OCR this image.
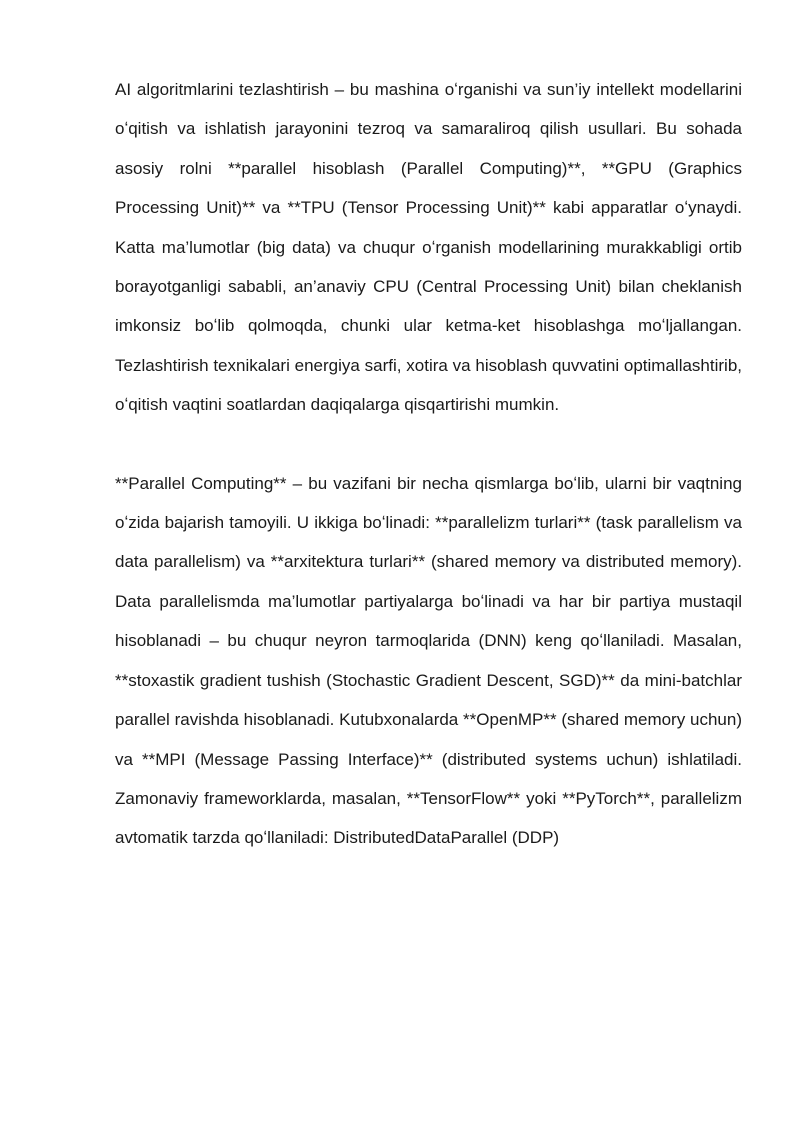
AI algoritmlarini tezlashtirish – bu mashina oʻrganishi va sun’iy intellekt modellarini oʻqitish va ishlatish jarayonini tezroq va samaraliroq qilish usullari. Bu sohada asosiy rolni **parallel hisoblash (Parallel Computing)**, **GPU (Graphics Processing Unit)** va **TPU (Tensor Processing Unit)** kabi apparatlar oʻynaydi. Katta ma’lumotlar (big data) va chuqur oʻrganish modellarining murakkabligi ortib borayotganligi sababli, an’anaviy CPU (Central Processing Unit) bilan cheklanish imkonsiz boʻlib qolmoqda, chunki ular ketma-ket hisoblashga moʻljallangan. Tezlashtirish texnikalari energiya sarfi, xotira va hisoblash quvvatini optimallashtirib, oʻqitish vaqtini soatlardan daqiqalarga qisqartirishi mumkin.

**Parallel Computing** – bu vazifani bir necha qismlarga boʻlib, ularni bir vaqtning oʻzida bajarish tamoyili. U ikkiga boʻlinadi: **parallelizm turlari** (task parallelism va data parallelism) va **arxitektura turlari** (shared memory va distributed memory). Data parallelismda ma’lumotlar partiyalarga boʻlinadi va har bir partiya mustaqil hisoblanadi – bu chuqur neyron tarmoqlarida (DNN) keng qoʻllaniladi. Masalan, **stoxastik gradient tushish (Stochastic Gradient Descent, SGD)** da mini-batchlar parallel ravishda hisoblanadi. Kutubxonalarda **OpenMP** (shared memory uchun) va **MPI (Message Passing Interface)** (distributed systems uchun) ishlatiladi. Zamonaviy frameworklarda, masalan, **TensorFlow** yoki **PyTorch**, parallelizm avtomatik tarzda qoʻllaniladi: DistributedDataParallel (DDP)
